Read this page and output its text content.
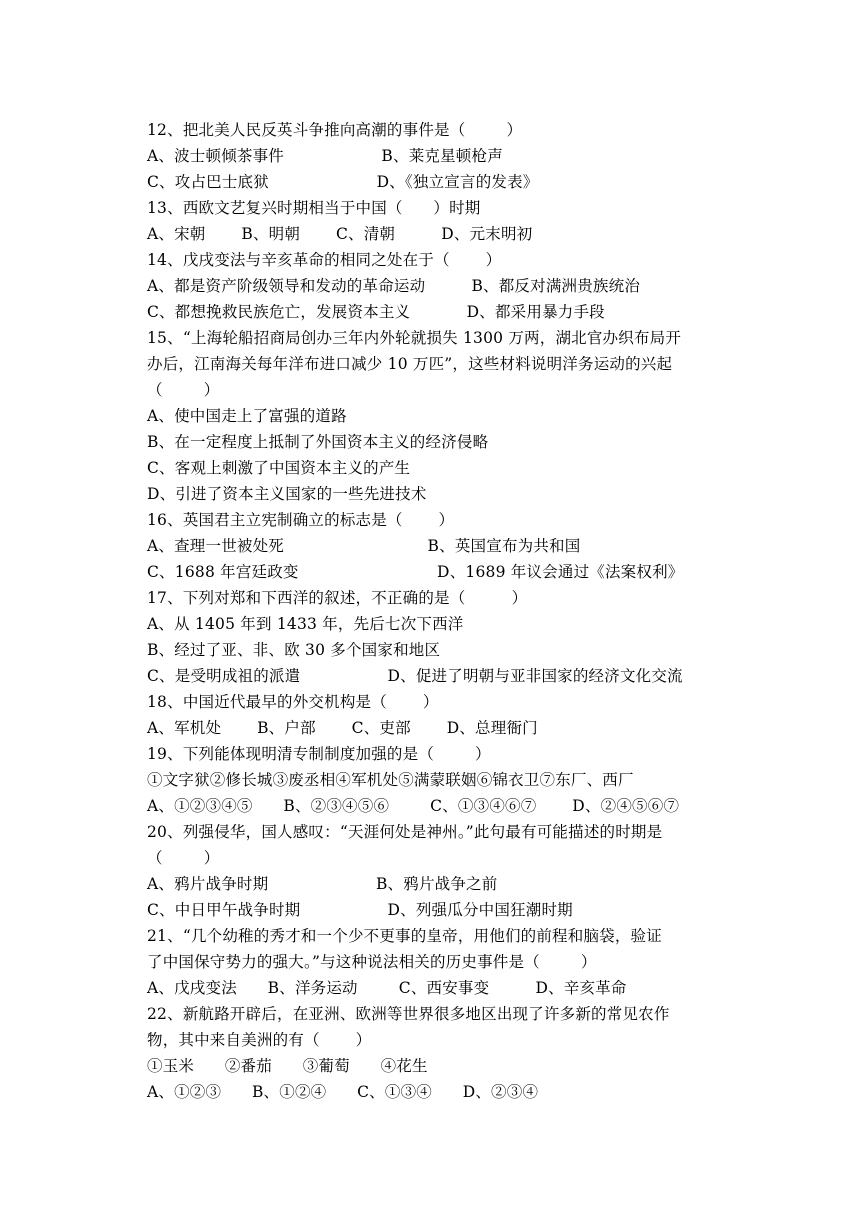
12、把北美人民反英斗争推向高潮的事件是（        ）
A、波士顿倾茶事件                   B、莱克星顿枪声
C、攻占巴士底狱                     D、《独立宣言的发表》
13、西欧文艺复兴时期相当于中国（      ）时期
A、宋朝       B、明朝       C、清朝         D、元末明初
14、戊戌变法与辛亥革命的相同之处在于（       ）
A、都是资产阶级领导和发动的革命运动         B、都反对满洲贵族统治
C、都想挽救民族危亡，发展资本主义           D、都采用暴力手段
15、“上海轮船招商局创办三年内外轮就损失 1300 万两，湖北官办织布局开
办后，江南海关每年洋布进口减少 10 万匹”，这些材料说明洋务运动的兴起
（        ）
A、使中国走上了富强的道路
B、在一定程度上抵制了外国资本主义的经济侵略
C、客观上刺激了中国资本主义的产生
D、引进了资本主义国家的一些先进技术
16、英国君主立宪制确立的标志是（       ）
A、查理一世被处死                            B、英国宣布为共和国
C、1688 年宫廷政变                           D、1689 年议会通过《法案权利》
17、下列对郑和下西洋的叙述，不正确的是（         ）
A、从 1405 年到 1433 年，先后七次下西洋
B、经过了亚、非、欧 30 多个国家和地区
C、是受明成祖的派遣                 D、促进了明朝与亚非国家的经济文化交流
18、中国近代最早的外交机构是（       ）
A、军机处       B、户部       C、吏部       D、总理衙门
19、下列能体现明清专制制度加强的是（        ）
①文字狱②修长城③废丞相④军机处⑤满蒙联姻⑥锦衣卫⑦东厂、西厂
A、①②③④⑤      B、②③④⑤⑥        C、①③④⑥⑦       D、②④⑤⑥⑦
20、列强侵华，国人感叹：“天涯何处是神州。”此句最有可能描述的时期是
（        ）
A、鸦片战争时期                     B、鸦片战争之前
C、中日甲午战争时期                 D、列强瓜分中国狂潮时期
21、“几个幼稚的秀才和一个少不更事的皇帝，用他们的前程和脑袋，验证
了中国保守势力的强大。”与这种说法相关的历史事件是（        ）
A、戊戌变法      B、洋务运动        C、西安事变         D、辛亥革命
22、新航路开辟后，在亚洲、欧洲等世界很多地区出现了许多新的常见农作
物，其中来自美洲的有（       ）
①玉米      ②番茄      ③葡萄      ④花生
A、①②③      B、①②④      C、①③④      D、②③④
